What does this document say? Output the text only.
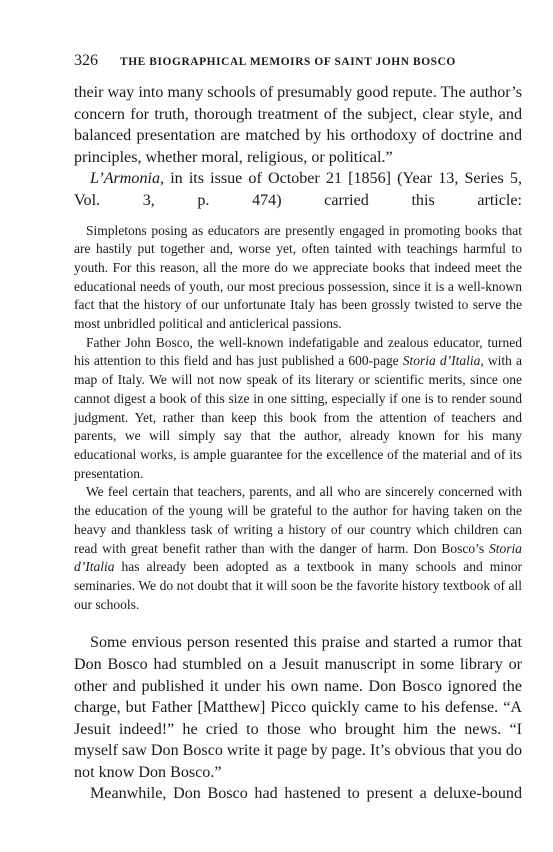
326 THE BIOGRAPHICAL MEMOIRS OF SAINT JOHN BOSCO

their way into many schools of presumably good repute. The author’s concern for truth, thorough treatment of the subject, clear style, and balanced presentation are matched by his orthodoxy of doctrine and principles, whether moral, religious, or political.”

L’Armonia, in its issue of October 21 [1856] (Year 13, Series 5, Vol. 3, p. 474) carried this article:

Simpletons posing as educators are presently engaged in promoting books that are hastily put together and, worse yet, often tainted with teachings harmful to youth. For this reason, all the more do we appreciate books that indeed meet the educational needs of youth, our most precious possession, since it is a well-known fact that the history of our unfortunate Italy has been grossly twisted to serve the most unbridled political and anticlerical passions.

Father John Bosco, the well-known indefatigable and zealous educator, turned his attention to this field and has just published a 600-page Storia d’Italia, with a map of Italy. We will not now speak of its literary or scientific merits, since one cannot digest a book of this size in one sitting, especially if one is to render sound judgment. Yet, rather than keep this book from the attention of teachers and parents, we will simply say that the author, already known for his many educational works, is ample guarantee for the excellence of the material and of its presentation.

We feel certain that teachers, parents, and all who are sincerely concerned with the education of the young will be grateful to the author for having taken on the heavy and thankless task of writing a history of our country which children can read with great benefit rather than with the danger of harm. Don Bosco’s Storia d’Italia has already been adopted as a textbook in many schools and minor seminaries. We do not doubt that it will soon be the favorite history textbook of all our schools.

Some envious person resented this praise and started a rumor that Don Bosco had stumbled on a Jesuit manuscript in some library or other and published it under his own name. Don Bosco ignored the charge, but Father [Matthew] Picco quickly came to his defense. “A Jesuit indeed!” he cried to those who brought him the news. “I myself saw Don Bosco write it page by page. It’s obvious that you do not know Don Bosco.”

Meanwhile, Don Bosco had hastened to present a deluxe-bound
